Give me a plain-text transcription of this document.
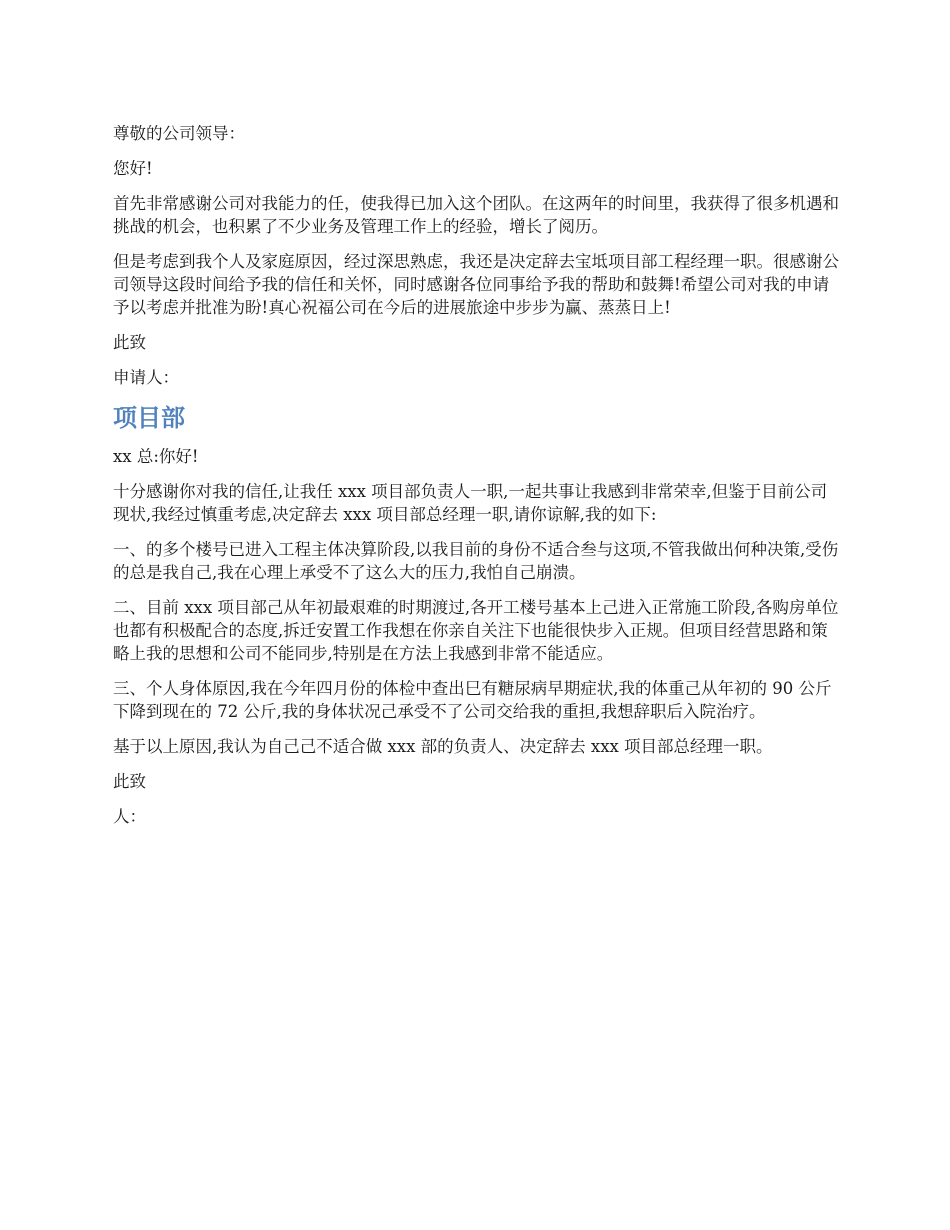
尊敬的公司领导：

您好!

首先非常感谢公司对我能力的任，使我得已加入这个团队。在这两年的时间里，我获得了很多机遇和挑战的机会，也积累了不少业务及管理工作上的经验，增长了阅历。

但是考虑到我个人及家庭原因，经过深思熟虑，我还是决定辞去宝坻项目部工程经理一职。很感谢公司领导这段时间给予我的信任和关怀，同时感谢各位同事给予我的帮助和鼓舞!希望公司对我的申请予以考虑并批准为盼!真心祝福公司在今后的进展旅途中步步为赢、蒸蒸日上!

此致

申请人：

项目部

xx 总:你好!

十分感谢你对我的信任,让我任 xxx 项目部负责人一职,一起共事让我感到非常荣幸,但鉴于目前公司现状,我经过慎重考虑,决定辞去 xxx 项目部总经理一职,请你谅解,我的如下:

一、的多个楼号已进入工程主体决算阶段,以我目前的身份不适合叁与这项,不管我做出何种决策,受伤的总是我自己,我在心理上承受不了这么大的压力,我怕自己崩溃。

二、目前 xxx 项目部己从年初最艰难的时期渡过,各开工楼号基本上己进入正常施工阶段,各购房单位也都有积极配合的态度,拆迁安置工作我想在你亲自关注下也能很快步入正规。但项目经营思路和策略上我的思想和公司不能同步,特别是在方法上我感到非常不能适应。

三、个人身体原因,我在今年四月份的体检中查出巳有糖尿病早期症状,我的体重己从年初的 90 公斤下降到现在的 72 公斤,我的身体状况己承受不了公司交给我的重担,我想辞职后入院治疗。

基于以上原因,我认为自己己不适合做 xxx 部的负责人、决定辞去 xxx 项目部总经理一职。

此致

人：
